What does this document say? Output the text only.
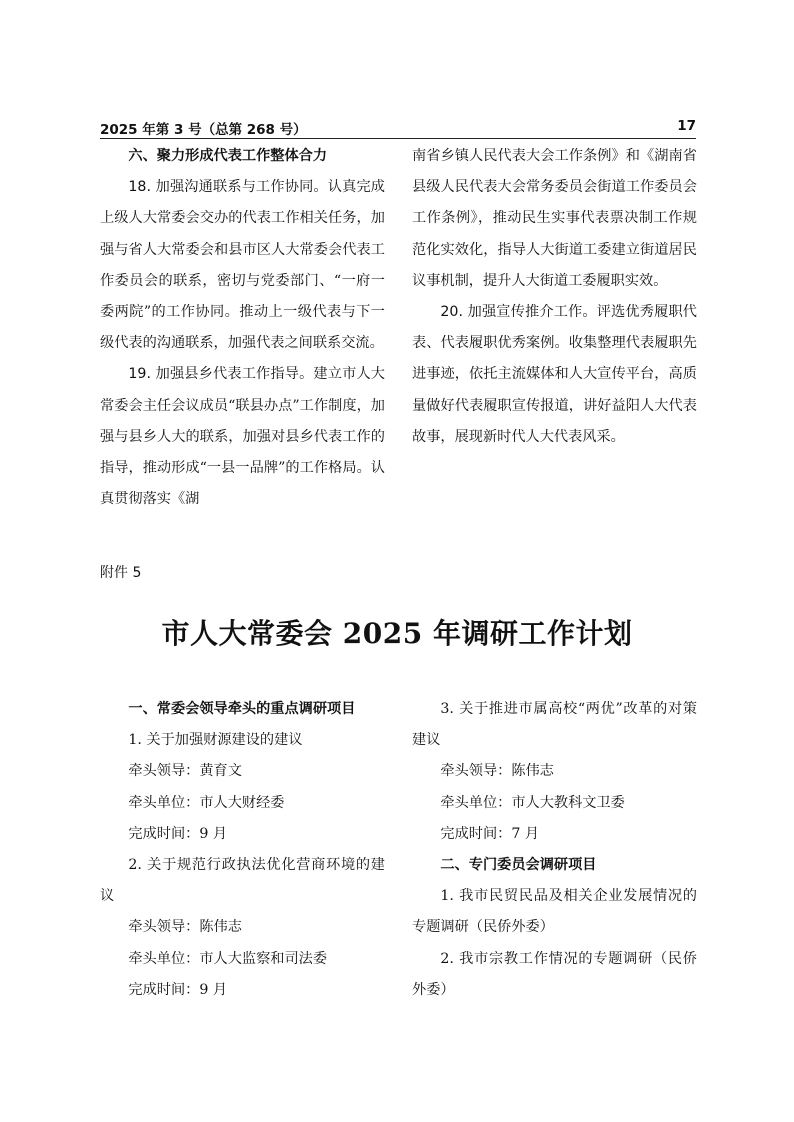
2025 年第 3 号（总第 268 号）	17

六、聚力形成代表工作整体合力

18. 加强沟通联系与工作协同。认真完成上级人大常委会交办的代表工作相关任务，加强与省人大常委会和县市区人大常委会代表工作委员会的联系，密切与党委部门、“一府一委两院”的工作协同。推动上一级代表与下一级代表的沟通联系，加强代表之间联系交流。

19. 加强县乡代表工作指导。建立市人大常委会主任会议成员“联县办点”工作制度，加强与县乡人大的联系，加强对县乡代表工作的指导，推动形成“一县一品牌”的工作格局。认真贯彻落实《湖

南省乡镇人民代表大会工作条例》和《湖南省县级人民代表大会常务委员会街道工作委员会工作条例》，推动民生实事代表票决制工作规范化实效化，指导人大街道工委建立街道居民议事机制，提升人大街道工委履职实效。

20. 加强宣传推介工作。评选优秀履职代表、代表履职优秀案例。收集整理代表履职先进事迹，依托主流媒体和人大宣传平台，高质量做好代表履职宣传报道，讲好益阳人大代表故事，展现新时代人大代表风采。

附件 5
市人大常委会 2025 年调研工作计划

一、常委会领导牵头的重点调研项目

1. 关于加强财源建设的建议

牵头领导：黄育文

牵头单位：市人大财经委

完成时间：9 月

2. 关于规范行政执法优化营商环境的建议

牵头领导：陈伟志

牵头单位：市人大监察和司法委

完成时间：9 月

3. 关于推进市属高校“两优”改革的对策建议

牵头领导：陈伟志

牵头单位：市人大教科文卫委

完成时间：7 月

二、专门委员会调研项目

1. 我市民贸民品及相关企业发展情况的专题调研（民侨外委）

2. 我市宗教工作情况的专题调研（民侨外委）
